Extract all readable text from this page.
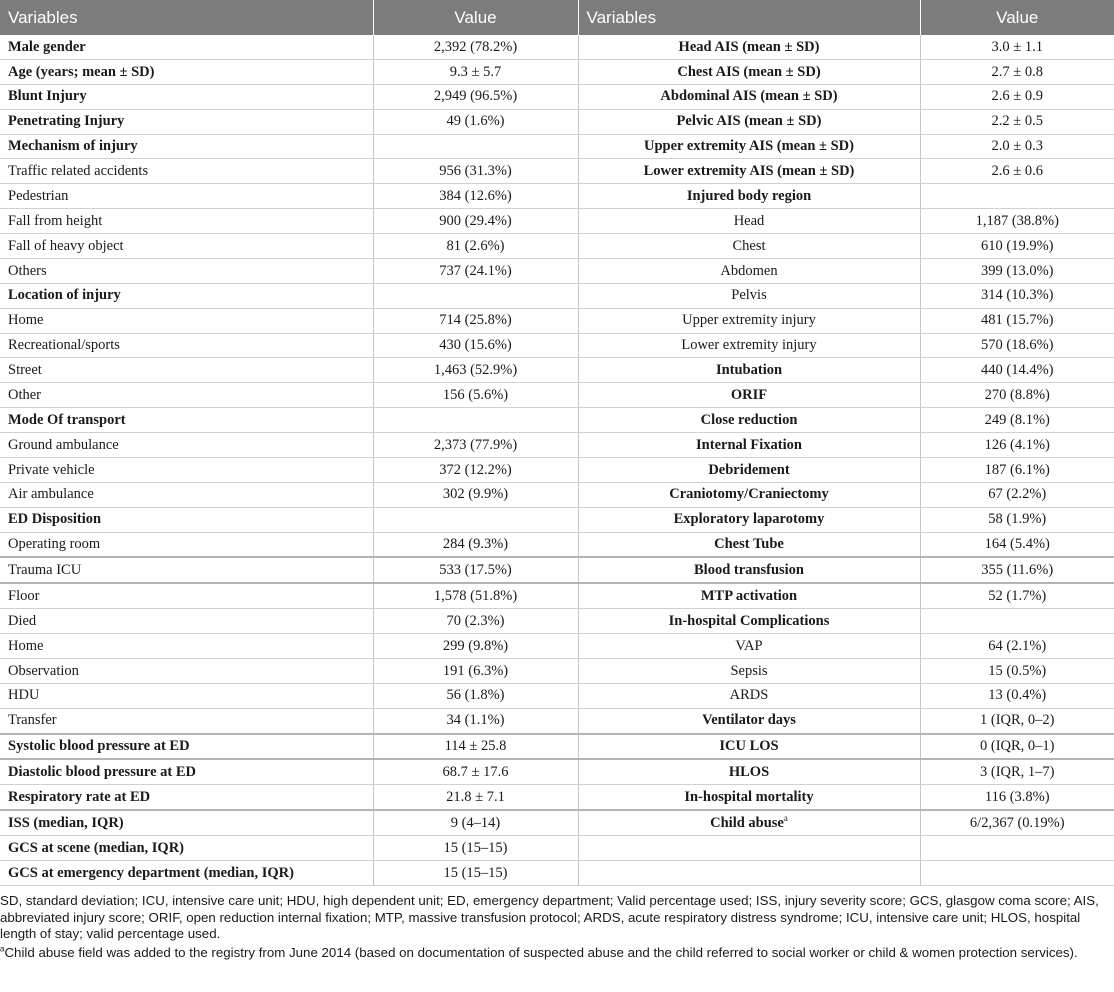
Variables	Value	Variables	Value
Male gender	2,392 (78.2%)	Head AIS (mean ± SD)	3.0 ± 1.1
Age (years; mean ± SD)	9.3 ± 5.7	Chest AIS (mean ± SD)	2.7 ± 0.8
Blunt Injury	2,949 (96.5%)	Abdominal AIS (mean ± SD)	2.6 ± 0.9
Penetrating Injury	49 (1.6%)	Pelvic AIS (mean ± SD)	2.2 ± 0.5
Mechanism of injury		Upper extremity AIS (mean ± SD)	2.0 ± 0.3
Traffic related accidents	956 (31.3%)	Lower extremity AIS (mean ± SD)	2.6 ± 0.6
Pedestrian	384 (12.6%)	Injured body region	
Fall from height	900 (29.4%)	Head	1,187 (38.8%)
Fall of heavy object	81 (2.6%)	Chest	610 (19.9%)
Others	737 (24.1%)	Abdomen	399 (13.0%)
Location of injury		Pelvis	314 (10.3%)
Home	714 (25.8%)	Upper extremity injury	481 (15.7%)
Recreational/sports	430 (15.6%)	Lower extremity injury	570 (18.6%)
Street	1,463 (52.9%)	Intubation	440 (14.4%)
Other	156 (5.6%)	ORIF	270 (8.8%)
Mode Of transport		Close reduction	249 (8.1%)
Ground ambulance	2,373 (77.9%)	Internal Fixation	126 (4.1%)
Private vehicle	372 (12.2%)	Debridement	187 (6.1%)
Air ambulance	302 (9.9%)	Craniotomy/Craniectomy	67 (2.2%)
ED Disposition		Exploratory laparotomy	58 (1.9%)
Operating room	284 (9.3%)	Chest Tube	164 (5.4%)
Trauma ICU	533 (17.5%)	Blood transfusion	355 (11.6%)
Floor	1,578 (51.8%)	MTP activation	52 (1.7%)
Died	70 (2.3%)	In-hospital Complications	
Home	299 (9.8%)	VAP	64 (2.1%)
Observation	191 (6.3%)	Sepsis	15 (0.5%)
HDU	56 (1.8%)	ARDS	13 (0.4%)
Transfer	34 (1.1%)	Ventilator days	1 (IQR, 0–2)
Systolic blood pressure at ED	114 ± 25.8	ICU LOS	0 (IQR, 0–1)
Diastolic blood pressure at ED	68.7 ± 17.6	HLOS	3 (IQR, 1–7)
Respiratory rate at ED	21.8 ± 7.1	In-hospital mortality	116 (3.8%)
ISS (median, IQR)	9 (4–14)	Child abuse$^a$	6/2,367 (0.19%)
GCS at scene (median, IQR)	15 (15–15)		
GCS at emergency department (median, IQR)	15 (15–15)		

SD, standard deviation; ICU, intensive care unit; HDU, high dependent unit; ED, emergency department; Valid percentage used; ISS, injury severity score; GCS, glasgow coma score; AIS, abbreviated injury score; ORIF, open reduction internal fixation; MTP, massive transfusion protocol; ARDS, acute respiratory distress syndrome; ICU, intensive care unit; HLOS, hospital length of stay; valid percentage used.

$^a$Child abuse field was added to the registry from June 2014 (based on documentation of suspected abuse and the child referred to social worker or child & women protection services).
